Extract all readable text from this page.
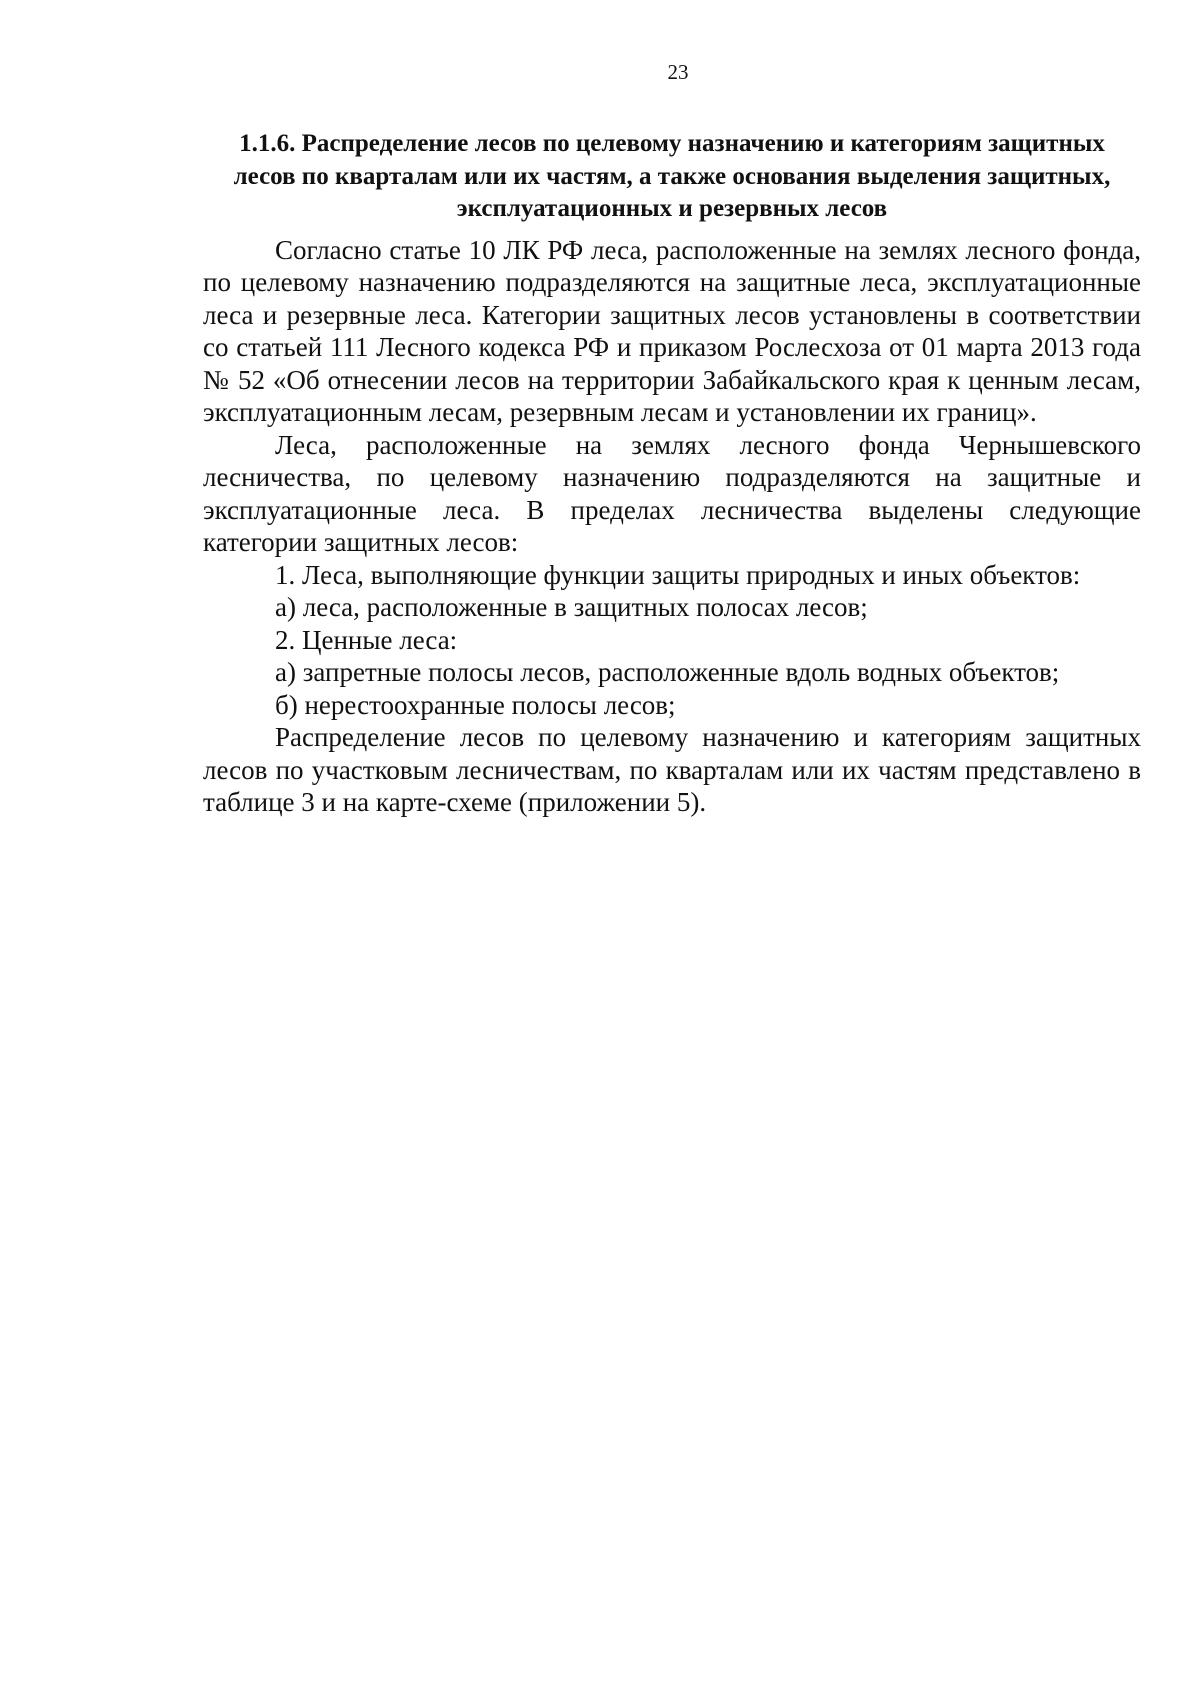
23

1.1.6. Распределение лесов по целевому назначению и категориям защитных лесов по кварталам или их частям, а также основания выделения защитных, эксплуатационных и резервных лесов

Согласно статье 10 ЛК РФ леса, расположенные на землях лесного фонда, по целевому назначению подразделяются на защитные леса, эксплуатационные леса и резервные леса. Категории защитных лесов установлены в соответствии со статьей 111 Лесного кодекса РФ и приказом Рослесхоза от 01 марта 2013 года № 52 «Об отнесении лесов на территории Забайкальского края к ценным лесам, эксплуатационным лесам, резервным лесам и установлении их границ».

Леса, расположенные на землях лесного фонда Чернышевского лесничества, по целевому назначению подразделяются на защитные и эксплуатационные леса. В пределах лесничества выделены следующие категории защитных лесов:

1. Леса, выполняющие функции защиты природных и иных объектов:

а) леса, расположенные в защитных полосах лесов;

2. Ценные леса:

а) запретные полосы лесов, расположенные вдоль водных объектов;

б) нерестоохранные полосы лесов;

Распределение лесов по целевому назначению и категориям защитных лесов по участковым лесничествам, по кварталам или их частям представлено в таблице 3 и на карте-схеме (приложении 5).
